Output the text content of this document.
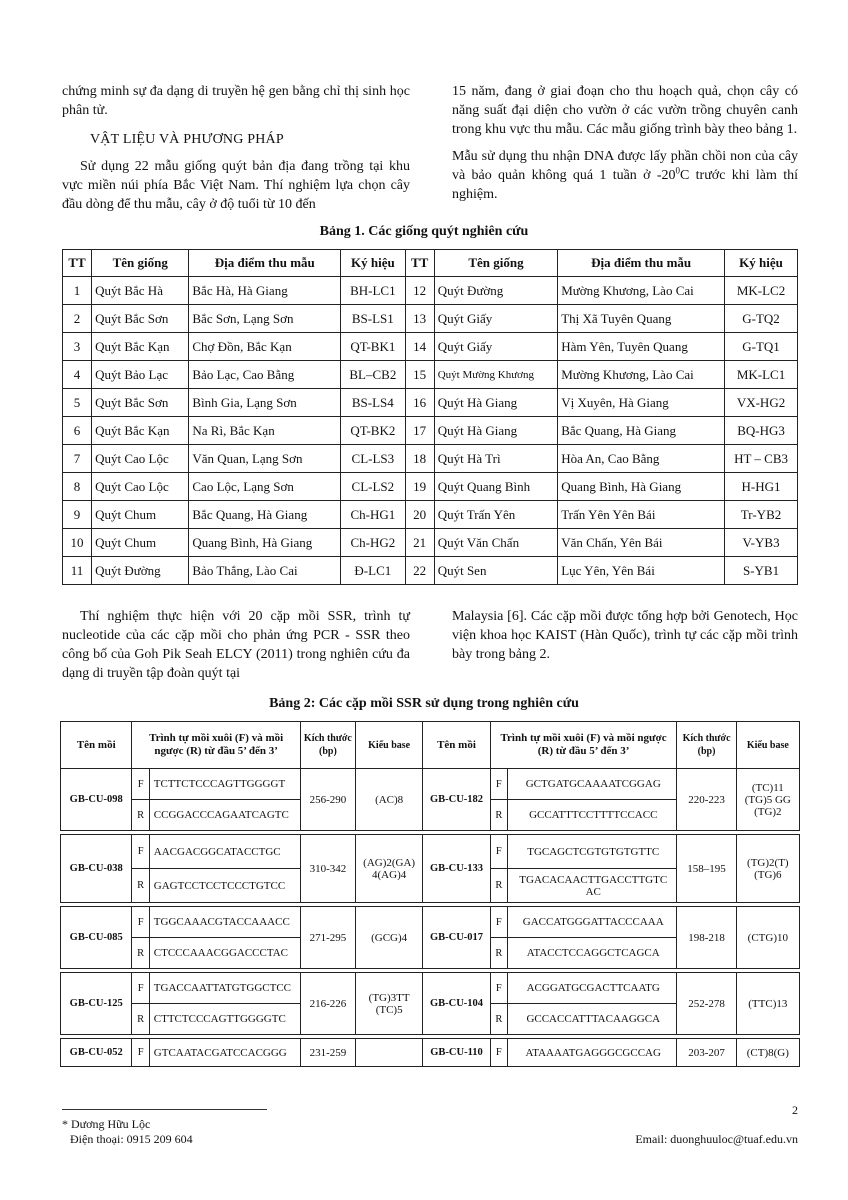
chứng minh sự đa dạng di truyền hệ gen bằng chỉ thị sinh học phân tử.

VẬT LIỆU VÀ PHƯƠNG PHÁP

Sử dụng 22 mẫu giống quýt bản địa đang trồng tại khu vực miền núi phía Bắc Việt Nam. Thí nghiệm lựa chọn cây đầu dòng để thu mẫu, cây ở độ tuổi từ 10 đến

15 năm, đang ở giai đoạn cho thu hoạch quả, chọn cây có năng suất đại diện cho vườn ở các vườn trồng chuyên canh trong khu vực thu mẫu. Các mẫu giống trình bày theo bảng 1.

Mẫu sử dụng thu nhận DNA được lấy phần chồi non của cây và bảo quản không quá 1 tuần ở $-20^0C$ trước khi làm thí nghiệm.

Bảng 1. Các giống quýt nghiên cứu
TT	Tên giống	Địa điểm thu mẫu	Ký hiệu	TT	Tên giống	Địa điểm thu mẫu	Ký hiệu
1	Quýt Bắc Hà	Bắc Hà, Hà Giang	BH-LC1	12	Quýt Đường	Mường Khương, Lào Cai	MK-LC2
2	Quýt Bắc Sơn	Bắc Sơn, Lạng Sơn	BS-LS1	13	Quýt Giấy	Thị Xã Tuyên Quang	G-TQ2
3	Quýt Bắc Kạn	Chợ Đồn, Bắc Kạn	QT-BK1	14	Quýt Giấy	Hàm Yên, Tuyên Quang	G-TQ1
4	Quýt Bảo Lạc	Bảo Lạc, Cao Bằng	BL–CB2	15	Quýt Mường Khương	Mường Khương, Lào Cai	MK-LC1
5	Quýt Bắc Sơn	Bình Gia, Lạng Sơn	BS-LS4	16	Quýt Hà Giang	Vị Xuyên, Hà Giang	VX-HG2
6	Quýt Bắc Kạn	Na Rì, Bắc Kạn	QT-BK2	17	Quýt Hà Giang	Bắc Quang, Hà Giang	BQ-HG3
7	Quýt Cao Lộc	Văn Quan, Lạng Sơn	CL-LS3	18	Quýt Hà Trì	Hòa An, Cao Bằng	HT – CB3
8	Quýt Cao Lộc	Cao Lộc, Lạng Sơn	CL-LS2	19	Quýt Quang Bình	Quang Bình, Hà Giang	H-HG1
9	Quýt Chum	Bắc Quang, Hà Giang	Ch-HG1	20	Quýt Trấn Yên	Trấn Yên Yên Bái	Tr-YB2
10	Quýt Chum	Quang Bình, Hà Giang	Ch-HG2	21	Quýt Văn Chấn	Văn Chấn, Yên Bái	V-YB3
11	Quýt Đường	Bảo Thắng, Lào Cai	Đ-LC1	22	Quýt Sen	Lục Yên, Yên Bái	S-YB1

Thí nghiệm thực hiện với 20 cặp mồi SSR, trình tự nucleotide của các cặp mồi cho phản ứng PCR - SSR theo công bố của Goh Pik Seah ELCY (2011) trong nghiên cứu đa dạng di truyền tập đoàn quýt tại

Malaysia [6]. Các cặp mồi được tổng hợp bởi Genotech, Học viện khoa học KAIST (Hàn Quốc), trình tự các cặp mồi trình bày trong bảng 2.

Bảng 2: Các cặp mồi SSR sử dụng trong nghiên cứu
Tên mồi	Trình tự mồi xuôi (F) và mồi ngược (R) từ đầu 5’ đến 3’		Kích thước (bp)	Kiểu base	Tên mồi	Trình tự mồi xuôi (F) và mồi ngược (R) từ đầu 5’ đến 3’		Kích thước (bp)	Kiểu base
GB-CU-098	F	TCTTCTCCCAGTTGGGGT	256-290	(AC)8	GB-CU-182	F	GCTGATGCAAAATCGGAG	220-223	(TC)11 (TG)5 GG (TG)2
	R	CCGGACCCAGAATCAGTC				R	GCCATTTCCTTTTCCACC		

GB-CU-038	F	AACGACGGCATACCTGC	310-342	(AG)2(GA) 4(AG)4	GB-CU-133	F	TGCAGCTCGTGTGTGTTC	158–195	(TG)2(T) (TG)6
	R	GAGTCCTCCTCCCTGTCC				R	TGACACAACTTGACCTTGTC AC		

GB-CU-085	F	TGGCAAACGTACCAAACC	271-295	(GCG)4	GB-CU-017	F	GACCATGGGATTACCCAAA	198-218	(CTG)10
	R	CTCCCAAACGGACCCTAC				R	ATACCTCCAGGCTCAGCA		

GB-CU-125	F	TGACCAATTATGTGGCTCC	216-226	(TG)3TT (TC)5	GB-CU-104	F	ACGGATGCGACTTCAATG	252-278	(TTC)13
	R	CTTCTCCCAGTTGGGGTC				R	GCCACCATTTACAAGGCA		

GB-CU-052	F	GTCAATACGATCCACGGG	231-259		GB-CU-110	F	ATAAAATGAGGGCGCCAG	203-207	(CT)8(G)
2
* Dương Hữu Lộc
Điện thoại: 0915 209 604	Email: duonghuuloc@tuaf.edu.vn
